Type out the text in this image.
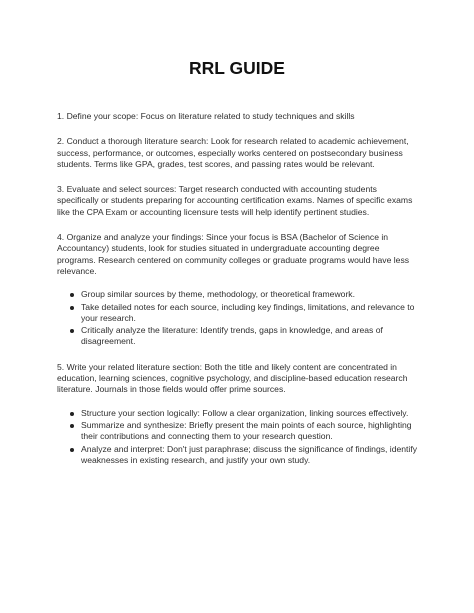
RRL GUIDE

1. Define your scope: Focus on literature related to study techniques and skills

2. Conduct a thorough literature search: Look for research related to academic achievement, success, performance, or outcomes, especially works centered on postsecondary business students. Terms like GPA, grades, test scores, and passing rates would be relevant.

3. Evaluate and select sources: Target research conducted with accounting students specifically or students preparing for accounting certification exams. Names of specific exams like the CPA Exam or accounting licensure tests will help identify pertinent studies.

4. Organize and analyze your findings: Since your focus is BSA (Bachelor of Science in Accountancy) students, look for studies situated in undergraduate accounting degree programs. Research centered on community colleges or graduate programs would have less relevance.

Group similar sources by theme, methodology, or theoretical framework.
Take detailed notes for each source, including key findings, limitations, and relevance to your research.
Critically analyze the literature: Identify trends, gaps in knowledge, and areas of disagreement.

5. Write your related literature section: Both the title and likely content are concentrated in education, learning sciences, cognitive psychology, and discipline-based education research literature. Journals in those fields would offer prime sources.

Structure your section logically: Follow a clear organization, linking sources effectively.
Summarize and synthesize: Briefly present the main points of each source, highlighting their contributions and connecting them to your research question.
Analyze and interpret: Don't just paraphrase; discuss the significance of findings, identify weaknesses in existing research, and justify your own study.
